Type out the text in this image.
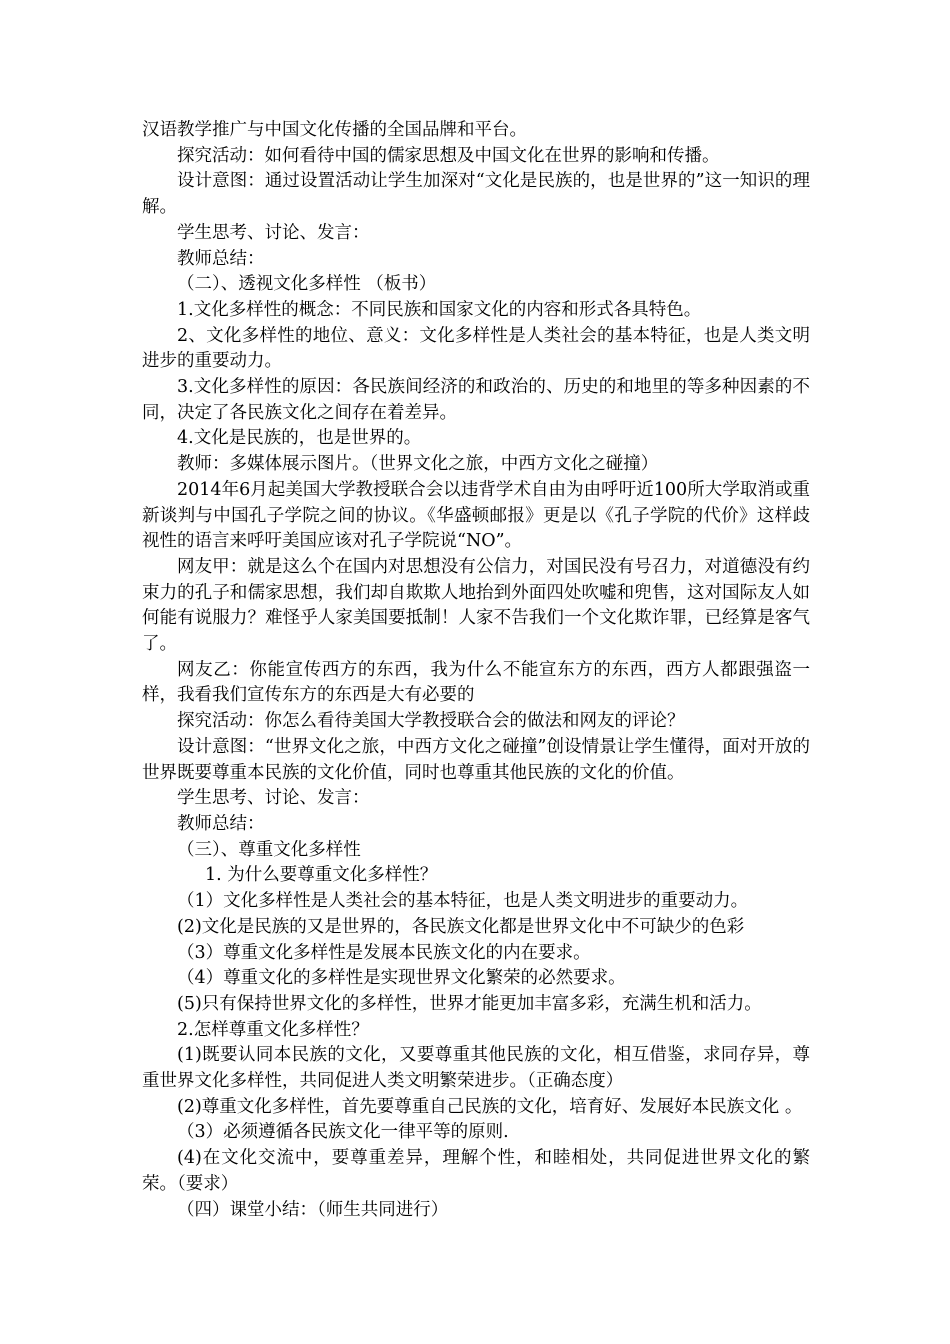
汉语教学推广与中国文化传播的全国品牌和平台。

探究活动：如何看待中国的儒家思想及中国文化在世界的影响和传播。

设计意图：通过设置活动让学生加深对“文化是民族的，也是世界的”这一知识的理解。

学生思考、讨论、发言：

教师总结：

（二）、透视文化多样性 （板书）

1.文化多样性的概念：不同民族和国家文化的内容和形式各具特色。

2、文化多样性的地位、意义：文化多样性是人类社会的基本特征，也是人类文明进步的重要动力。

3.文化多样性的原因：各民族间经济的和政治的、历史的和地里的等多种因素的不同，决定了各民族文化之间存在着差异。

4.文化是民族的，也是世界的。

教师：多媒体展示图片。（世界文化之旅，中西方文化之碰撞）

2014年6月起美国大学教授联合会以违背学术自由为由呼吁近100所大学取消或重新谈判与中国孔子学院之间的协议。《华盛顿邮报》更是以《孔子学院的代价》这样歧视性的语言来呼吁美国应该对孔子学院说“NO”。

网友甲：就是这么个在国内对思想没有公信力，对国民没有号召力，对道德没有约束力的孔子和儒家思想，我们却自欺欺人地抬到外面四处吹嘘和兜售，这对国际友人如何能有说服力？难怪乎人家美国要抵制！人家不告我们一个文化欺诈罪，已经算是客气了。

网友乙：你能宣传西方的东西，我为什么不能宣东方的东西，西方人都跟强盗一样，我看我们宣传东方的东西是大有必要的

探究活动：你怎么看待美国大学教授联合会的做法和网友的评论？

设计意图：“世界文化之旅，中西方文化之碰撞”创设情景让学生懂得，面对开放的世界既要尊重本民族的文化价值，同时也尊重其他民族的文化的价值。

学生思考、讨论、发言：

教师总结：

（三）、尊重文化多样性

1. 为什么要尊重文化多样性？

（1）文化多样性是人类社会的基本特征，也是人类文明进步的重要动力。

(2)文化是民族的又是世界的，各民族文化都是世界文化中不可缺少的色彩

（3）尊重文化多样性是发展本民族文化的内在要求。

（4）尊重文化的多样性是实现世界文化繁荣的必然要求。

(5)只有保持世界文化的多样性，世界才能更加丰富多彩，充满生机和活力。

2.怎样尊重文化多样性？

(1)既要认同本民族的文化，又要尊重其他民族的文化，相互借鉴，求同存异，尊重世界文化多样性，共同促进人类文明繁荣进步。（正确态度）

(2)尊重文化多样性，首先要尊重自己民族的文化，培育好、发展好本民族文化 。

（3）必须遵循各民族文化一律平等的原则.

(4)在文化交流中，要尊重差异，理解个性，和睦相处，共同促进世界文化的繁荣。（要求）

（四）课堂小结：（师生共同进行）
